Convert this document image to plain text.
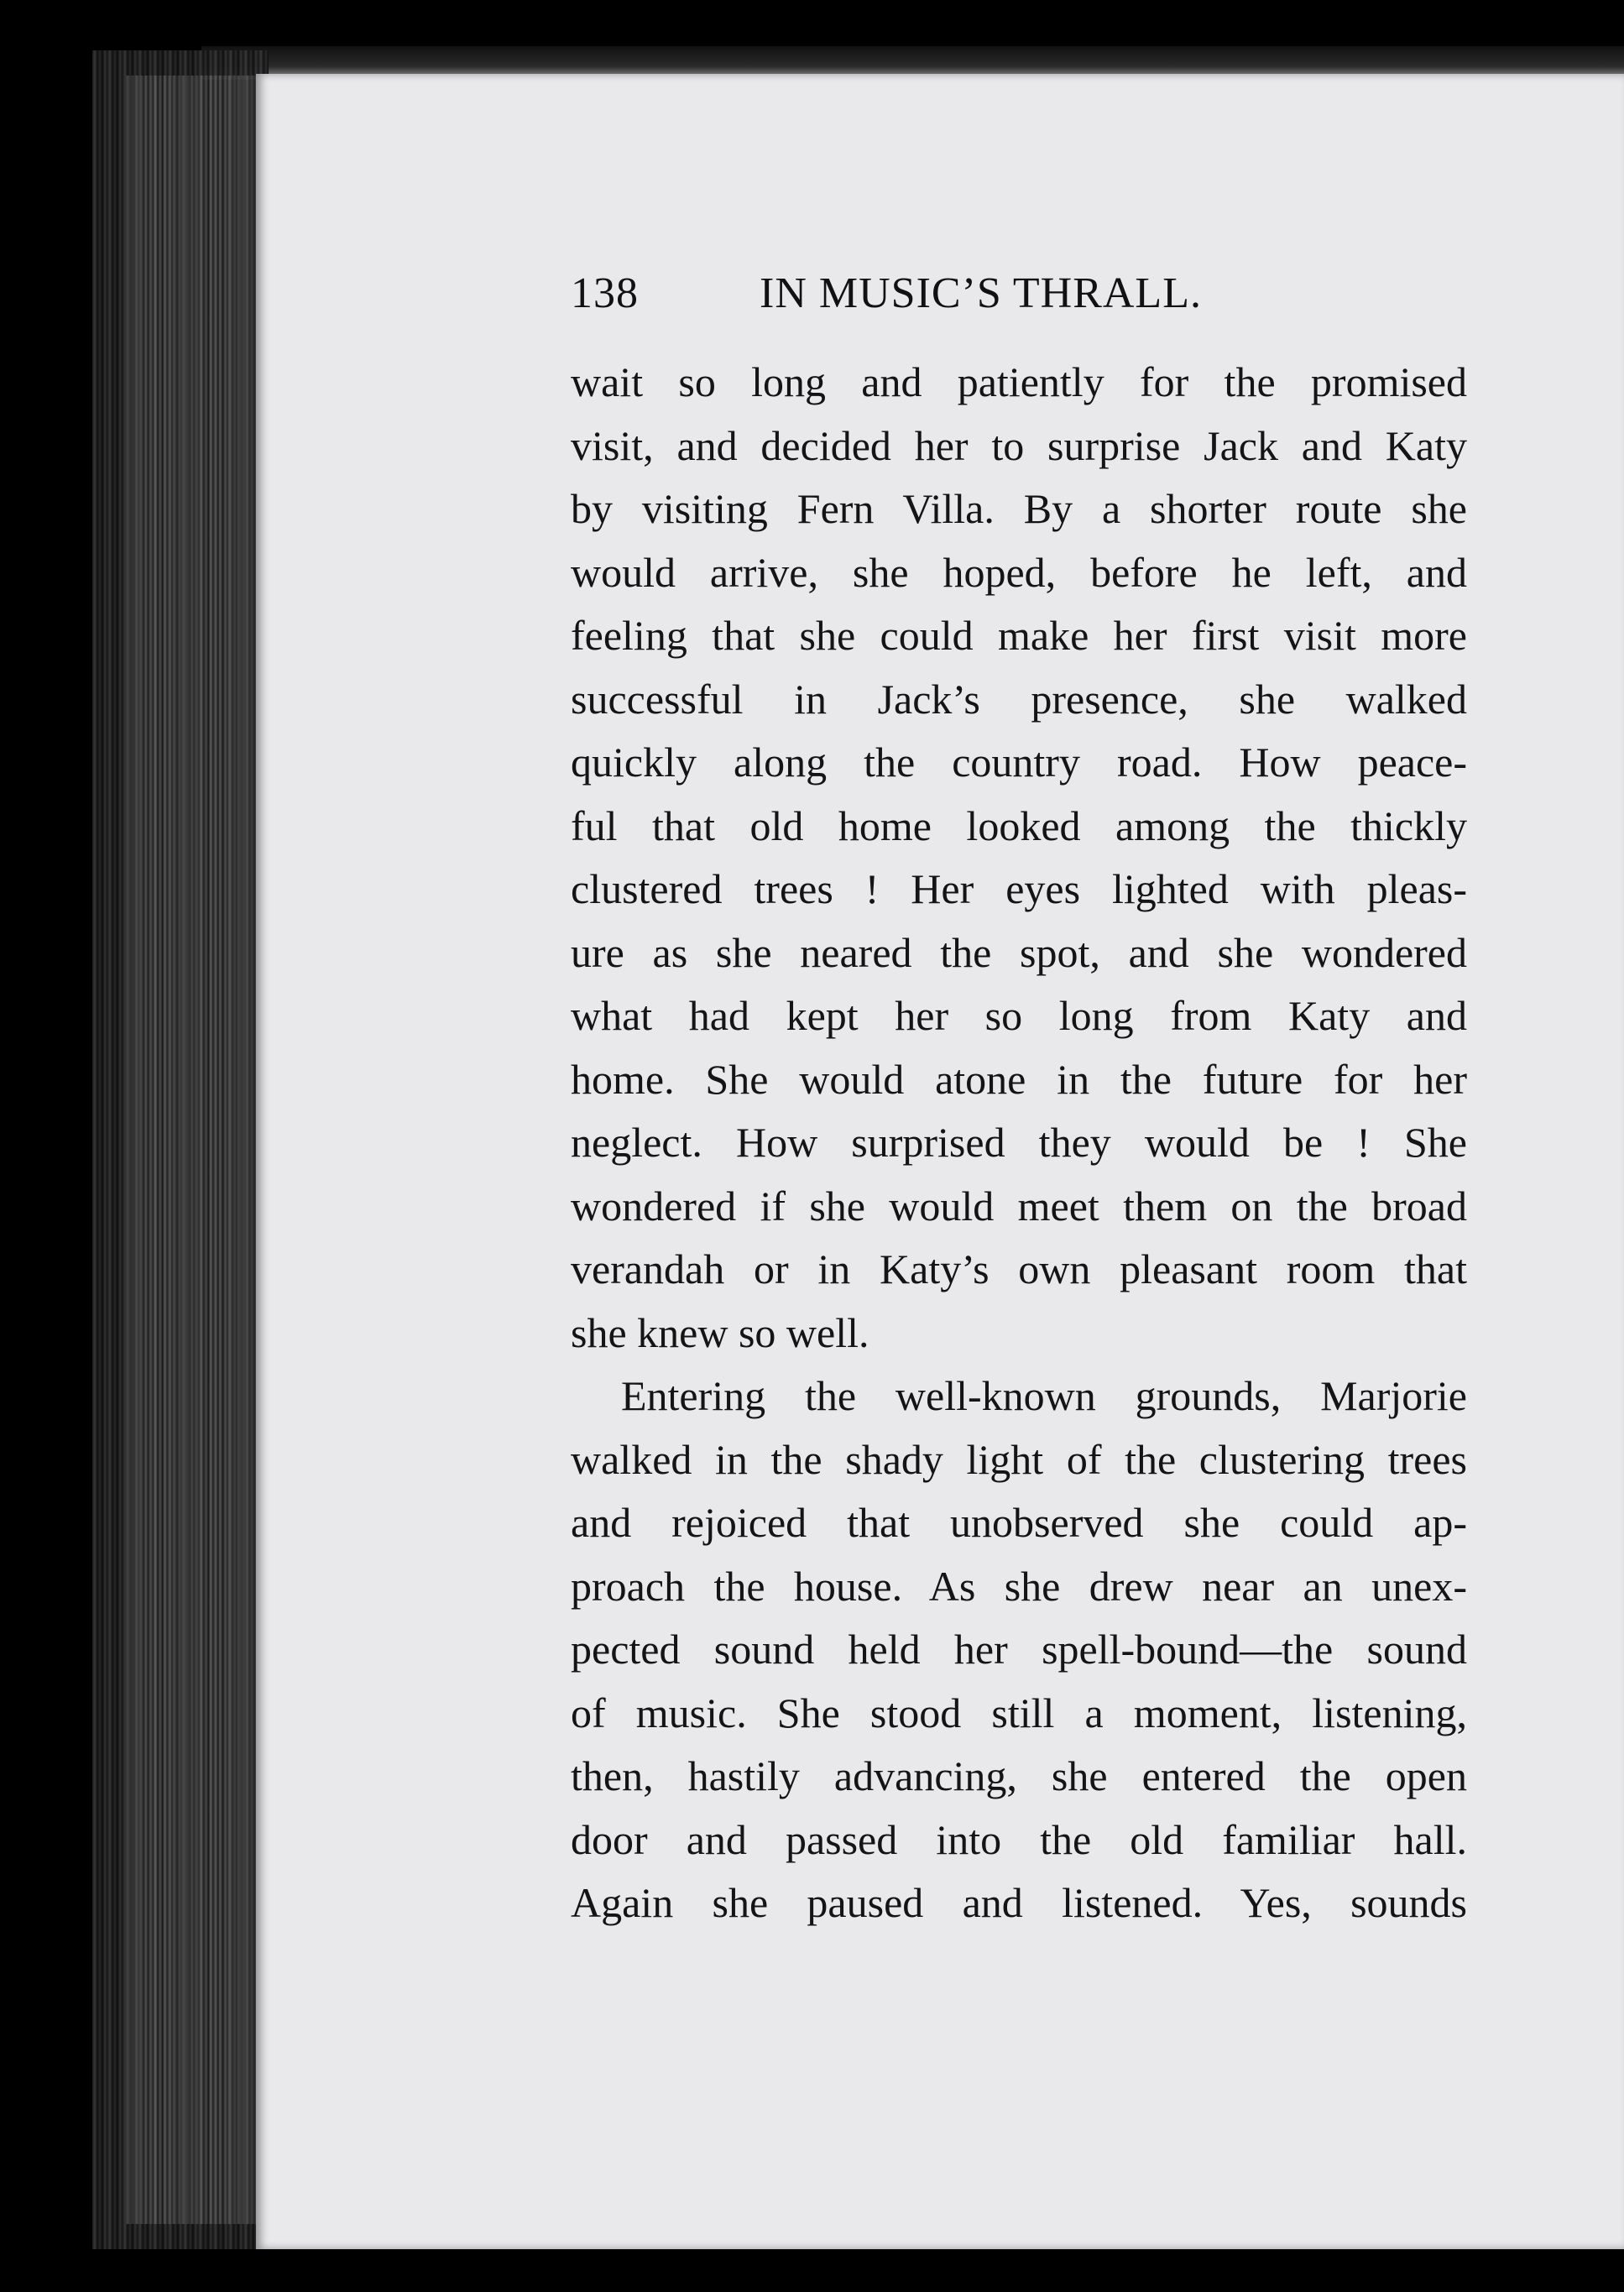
138	IN MUSIC’S THRALL.
wait so long and patiently for the promised
visit, and decided her to surprise Jack and Katy
by visiting Fern Villa. By a shorter route she
would arrive, she hoped, before he left, and
feeling that she could make her first visit more
successful in Jack’s presence, she walked
quickly along the country road. How peace-
ful that old home looked among the thickly
clustered trees ! Her eyes lighted with pleas-
ure as she neared the spot, and she wondered
what had kept her so long from Katy and
home. She would atone in the future for her
neglect. How surprised they would be ! She
wondered if she would meet them on the broad
verandah or in Katy’s own pleasant room that
she knew so well.
Entering the well-known grounds, Marjorie
walked in the shady light of the clustering trees
and rejoiced that unobserved she could ap-
proach the house. As she drew near an unex-
pected sound held her spell-bound—the sound
of music. She stood still a moment, listening,
then, hastily advancing, she entered the open
door and passed into the old familiar hall.
Again she paused and listened. Yes, sounds
